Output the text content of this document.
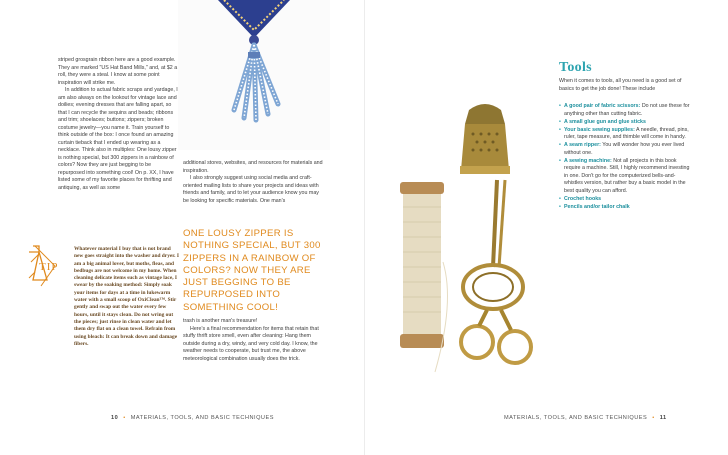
striped grosgrain ribbon here are a good example. They are marked "US Hat Band Mills," and, at $2 a roll, they were a steal. I know at some point inspiration will strike me.

In addition to actual fabric scraps and yardage, I am also always on the lookout for vintage lace and doilies; evening dresses that are falling apart, so that I can recycle the sequins and beads; ribbons and trim; shoelaces; buttons; zippers; broken costume jewelry—you name it. Train yourself to think outside of the box: I once found an amazing curtain tieback that I ended up wearing as a necklace. Think also in multiples: One lousy zipper is nothing special, but 300 zippers in a rainbow of colors? Now they are just begging to be repurposed into something cool! On p. XX, I have listed some of my favorite places for thrifting and antiquing, as well as some

additional stores, websites, and resources for materials and inspiration.

I also strongly suggest using social media and craft-oriented mailing lists to share your projects and ideas with friends and family, and to let your audience know you may be looking for specific materials. One man's

ONE LOUSY ZIPPER IS NOTHING SPECIAL, BUT 300 ZIPPERS IN A RAINBOW OF COLORS? NOW THEY ARE JUST BEGGING TO BE REPURPOSED INTO SOMETHING COOL!

trash is another man's treasure!

Here's a final recommendation for items that retain that stuffy thrift store smell, even after cleaning: Hang them outside during a dry, windy, and very cold day. I know, the weather needs to cooperate, but trust me, the above meteorological combination usually does the trick.

TIP
Whatever material I buy that is not brand new goes straight into the washer and dryer. I am a big animal lover, but moths, fleas, and bedbugs are not welcome in my home. When cleaning delicate items such as vintage lace, I swear by the soaking method: Simply soak your items for days at a time in lukewarm water with a small scoop of OxiClean™. Stir gently and swap out the water every few hours, until it stays clean. Do not wring out the pieces; just rinse in clean water and let them dry flat on a clean towel. Refrain from using bleach: It can break down and damage fibers.
10 • MATERIALS, TOOLS, AND BASIC TECHNIQUES
Tools
When it comes to tools, all you need is a good set of basics to get the job done! These include
• A good pair of fabric scissors: Do not use these for anything other than cutting fabric.
• A small glue gun and glue sticks
• Your basic sewing supplies: A needle, thread, pins, ruler, tape measure, and thimble will come in handy.
• A seam ripper: You will wonder how you ever lived without one.
• A sewing machine: Not all projects in this book require a machine. Still, I highly recommend investing in one. Don't go for the computerized bells-and-whistles version, but rather buy a basic model in the best quality you can afford.
• Crochet hooks
• Pencils and/or tailor chalk
MATERIALS, TOOLS, AND BASIC TECHNIQUES • 11
